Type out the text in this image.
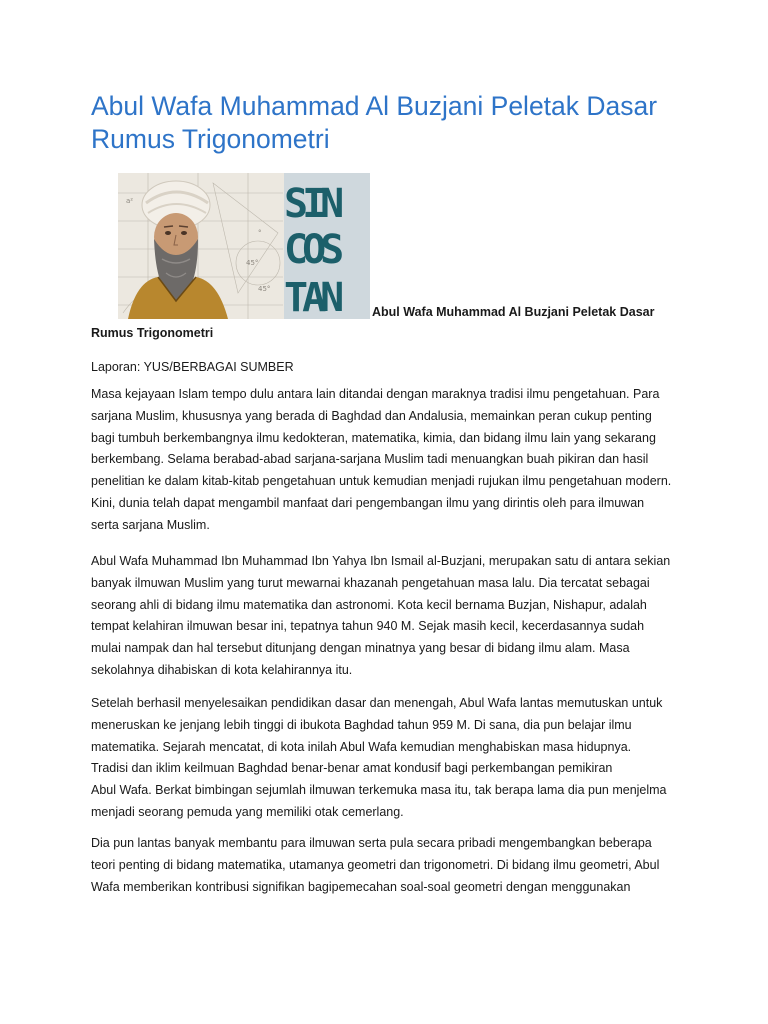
Abul Wafa Muhammad Al Buzjani Peletak Dasar
Rumus Trigonometri
45°
°
a²
45°
SIN
COS
TAN	Abul Wafa Muhammad Al Buzjani Peletak Dasar
Rumus Trigonometri
Laporan: YUS/BERBAGAI SUMBER
Masa kejayaan Islam tempo dulu antara lain ditandai dengan maraknya tradisi ilmu pengetahuan. Para
sarjana Muslim, khususnya yang berada di Baghdad dan Andalusia, memainkan peran cukup penting
bagi tumbuh berkembangnya ilmu kedokteran, matematika, kimia, dan bidang ilmu lain yang sekarang
berkembang. Selama berabad-abad sarjana-sarjana Muslim tadi menuangkan buah pikiran dan hasil
penelitian ke dalam kitab-kitab pengetahuan untuk kemudian menjadi rujukan ilmu pengetahuan modern.
Kini, dunia telah dapat mengambil manfaat dari pengembangan ilmu yang dirintis oleh para ilmuwan
serta sarjana Muslim.
Abul Wafa Muhammad Ibn Muhammad Ibn Yahya Ibn Ismail al-Buzjani, merupakan satu di antara sekian
banyak ilmuwan Muslim yang turut mewarnai khazanah pengetahuan masa lalu. Dia tercatat sebagai
seorang ahli di bidang ilmu matematika dan astronomi. Kota kecil bernama Buzjan, Nishapur, adalah
tempat kelahiran ilmuwan besar ini, tepatnya tahun 940 M. Sejak masih kecil, kecerdasannya sudah
mulai nampak dan hal tersebut ditunjang dengan minatnya yang besar di bidang ilmu alam. Masa
sekolahnya dihabiskan di kota kelahirannya itu.
Setelah berhasil menyelesaikan pendidikan dasar dan menengah, Abul Wafa lantas memutuskan untuk
meneruskan ke jenjang lebih tinggi di ibukota Baghdad tahun 959 M. Di sana, dia pun belajar ilmu
matematika. Sejarah mencatat, di kota inilah Abul Wafa kemudian menghabiskan masa hidupnya.
Tradisi dan iklim keilmuan Baghdad benar-benar amat kondusif bagi perkembangan pemikiran
Abul Wafa. Berkat bimbingan sejumlah ilmuwan terkemuka masa itu, tak berapa lama dia pun menjelma
menjadi seorang pemuda yang memiliki otak cemerlang.
Dia pun lantas banyak membantu para ilmuwan serta pula secara pribadi mengembangkan beberapa
teori penting di bidang matematika, utamanya geometri dan trigonometri. Di bidang ilmu geometri, Abul
Wafa memberikan kontribusi signifikan bagipemecahan soal-soal geometri dengan menggunakan
